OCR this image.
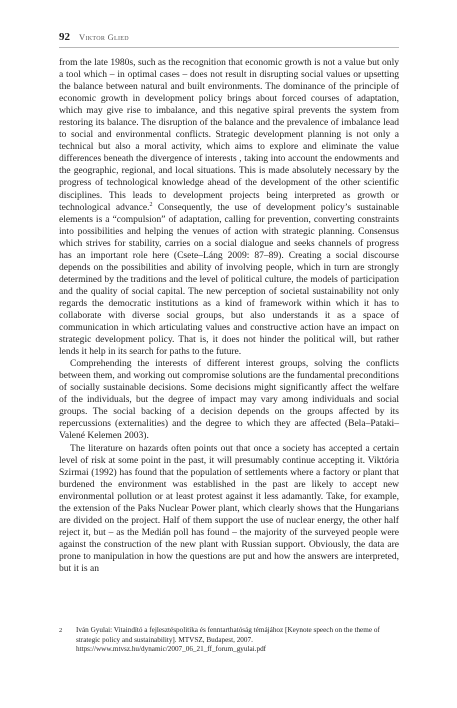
92 Viktor Glied

from the late 1980s, such as the recognition that economic growth is not a value but only a tool which – in optimal cases – does not result in disrupting social values or upsetting the balance between natural and built environments. The dominance of the principle of economic growth in development policy brings about forced courses of adaptation, which may give rise to imbalance, and this negative spiral prevents the system from restoring its balance. The disruption of the balance and the prevalence of imbalance lead to social and environmental conflicts. Strategic development planning is not only a technical but also a moral activity, which aims to explore and eliminate the value differences beneath the divergence of interests , taking into account the endowments and the geographic, regional, and local situations. This is made absolutely necessary by the progress of technological knowledge ahead of the development of the other scientific disciplines. This leads to development projects being interpreted as growth or technological advance.$^2$ Consequently, the use of development policy’s sustainable elements is a “compulsion” of adaptation, calling for prevention, converting constraints into possibilities and helping the venues of action with strategic planning. Consensus which strives for stability, carries on a social dialogue and seeks channels of progress has an important role here (Csete–Láng 2009: 87–89). Creating a social discourse depends on the possibilities and ability of involving people, which in turn are strongly determined by the traditions and the level of political culture, the models of participation and the quality of social capital. The new perception of societal sustainability not only regards the democratic institutions as a kind of framework within which it has to collaborate with diverse social groups, but also understands it as a space of communication in which articulating values and constructive action have an impact on strategic development policy. That is, it does not hinder the political will, but rather lends it help in its search for paths to the future.

Comprehending the interests of different interest groups, solving the conflicts between them, and working out compromise solutions are the fundamental preconditions of socially sustainable decisions. Some decisions might significantly affect the welfare of the individuals, but the degree of impact may vary among individuals and social groups. The social backing of a decision depends on the groups affected by its repercussions (externalities) and the degree to which they are affected (Bela–Pataki–Valené Kelemen 2003).

The literature on hazards often points out that once a society has accepted a certain level of risk at some point in the past, it will presumably continue accepting it. Viktória Szirmai (1992) has found that the population of settlements where a factory or plant that burdened the environment was established in the past are likely to accept new environmental pollution or at least protest against it less adamantly. Take, for example, the extension of the Paks Nuclear Power plant, which clearly shows that the Hungarians are divided on the project. Half of them support the use of nuclear energy, the other half reject it, but – as the Medián poll has found – the majority of the surveyed people were against the construction of the new plant with Russian support. Obviously, the data are prone to manipulation in how the questions are put and how the answers are interpreted, but it is an

2	Iván Gyulai: Vitaindító a fejlesztéspolitika és fenntarthatóság témájához [Keynote speech on the theme of strategic policy and sustainability]. MTVSZ, Budapest, 2007. https://www.mtvsz.hu/dynamic/2007_06_21_ff_forum_gyulai.pdf
